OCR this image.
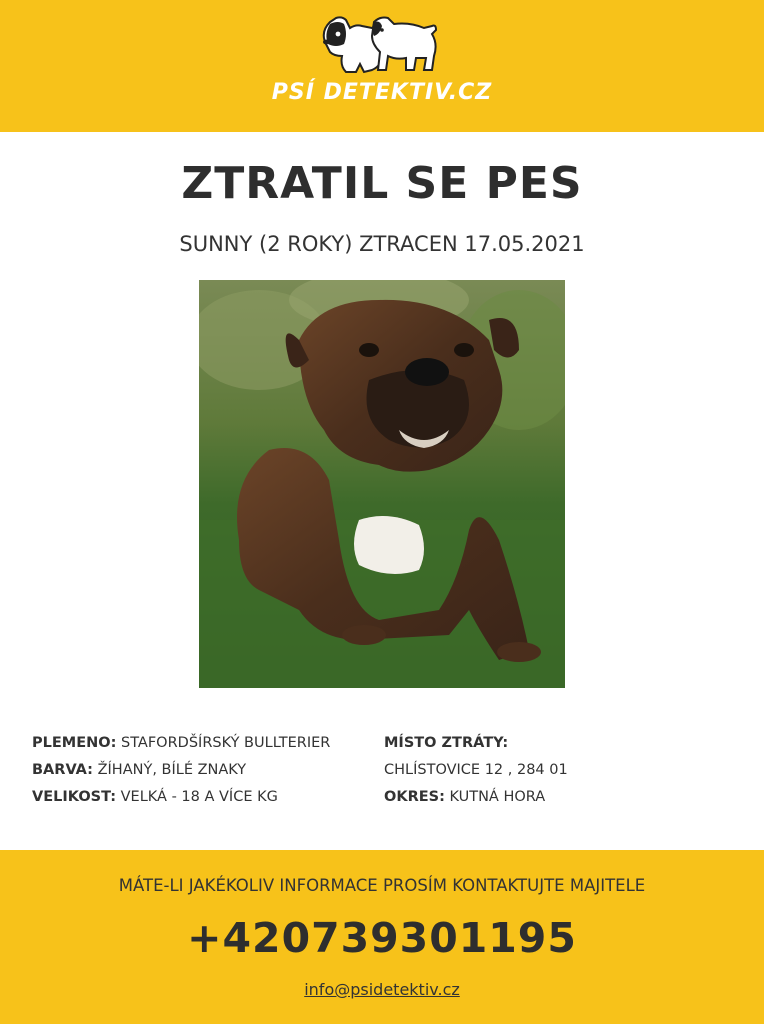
PSÍ DETEKTIV.CZ
ZTRATIL SE PES
SUNNY (2 ROKY) ZTRACEN 17.05.2021
PLEMENO: STAFORDŠÍRSKÝ BULLTERIER
BARVA: ŽÍHANÝ, BÍLÉ ZNAKY
VELIKOST: VELKÁ - 18 A VÍCE KG
MÍSTO ZTRÁTY:
CHLÍSTOVICE 12 , 284 01
OKRES: KUTNÁ HORA
MÁTE-LI JAKÉKOLIV INFORMACE PROSÍM KONTAKTUJTE MAJITELE
+420739301195
info@psidetektiv.cz
